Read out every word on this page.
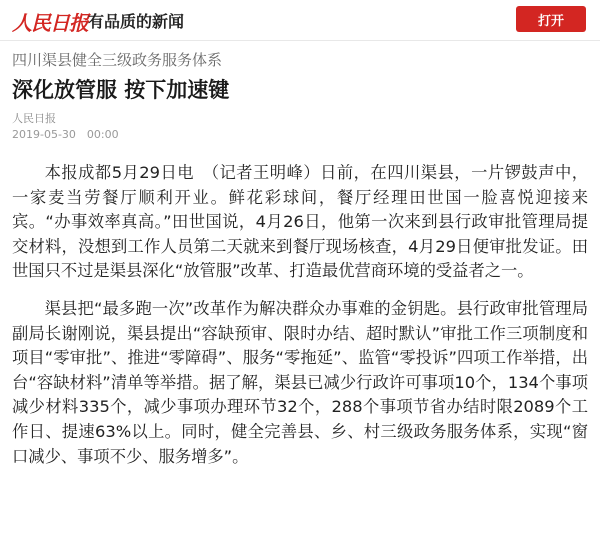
人民日报 有品质的新闻	打开
四川渠县健全三级政务服务体系
深化放管服 按下加速键
人民日报
2019-05-30　00:00

本报成都5月29日电　（记者王明峰）日前，在四川渠县，一片锣鼓声中，一家麦当劳餐厅顺利开业。鲜花彩球间，餐厅经理田世国一脸喜悦迎接来宾。“办事效率真高。”田世国说，4月26日，他第一次来到县行政审批管理局提交材料，没想到工作人员第二天就来到餐厅现场核查，4月29日便审批发证。田世国只不过是渠县深化“放管服”改革、打造最优营商环境的受益者之一。

渠县把“最多跑一次”改革作为解决群众办事难的金钥匙。县行政审批管理局副局长谢刚说，渠县提出“容缺预审、限时办结、超时默认”审批工作三项制度和项目“零审批”、推进“零障碍”、服务“零拖延”、监管“零投诉”四项工作举措，出台“容缺材料”清单等举措。据了解，渠县已减少行政许可事项10个，134个事项减少材料335个，减少事项办理环节32个，288个事项节省办结时限2089个工作日、提速63%以上。同时，健全完善县、乡、村三级政务服务体系，实现“窗口减少、事项不少、服务增多”。
